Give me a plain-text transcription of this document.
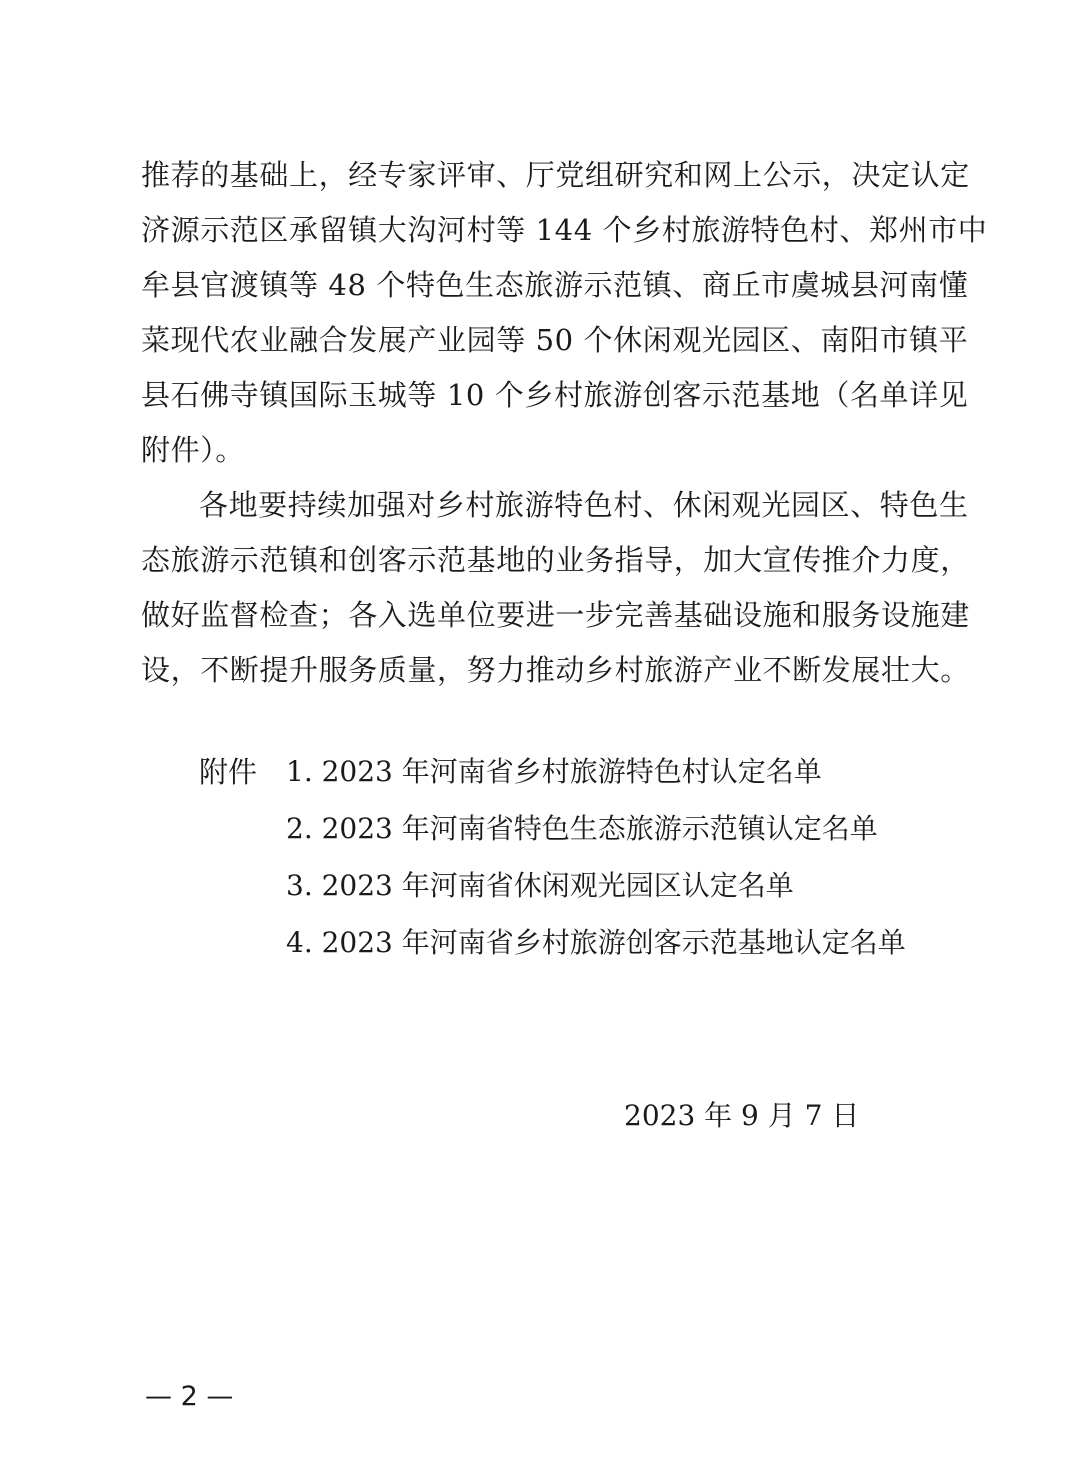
推荐的基础上，经专家评审、厅党组研究和网上公示，决定认定
济源示范区承留镇大沟河村等 144 个乡村旅游特色村、郑州市中
牟县官渡镇等 48 个特色生态旅游示范镇、商丘市虞城县河南懂
菜现代农业融合发展产业园等 50 个休闲观光园区、南阳市镇平
县石佛寺镇国际玉城等 10 个乡村旅游创客示范基地（名单详见
附件）。
各地要持续加强对乡村旅游特色村、休闲观光园区、特色生
态旅游示范镇和创客示范基地的业务指导，加大宣传推介力度，
做好监督检查；各入选单位要进一步完善基础设施和服务设施建
设，不断提升服务质量，努力推动乡村旅游产业不断发展壮大。
附件 1. 2023 年河南省乡村旅游特色村认定名单
2. 2023 年河南省特色生态旅游示范镇认定名单
3. 2023 年河南省休闲观光园区认定名单
4. 2023 年河南省乡村旅游创客示范基地认定名单
2023 年 9 月 7 日
— 2 —
